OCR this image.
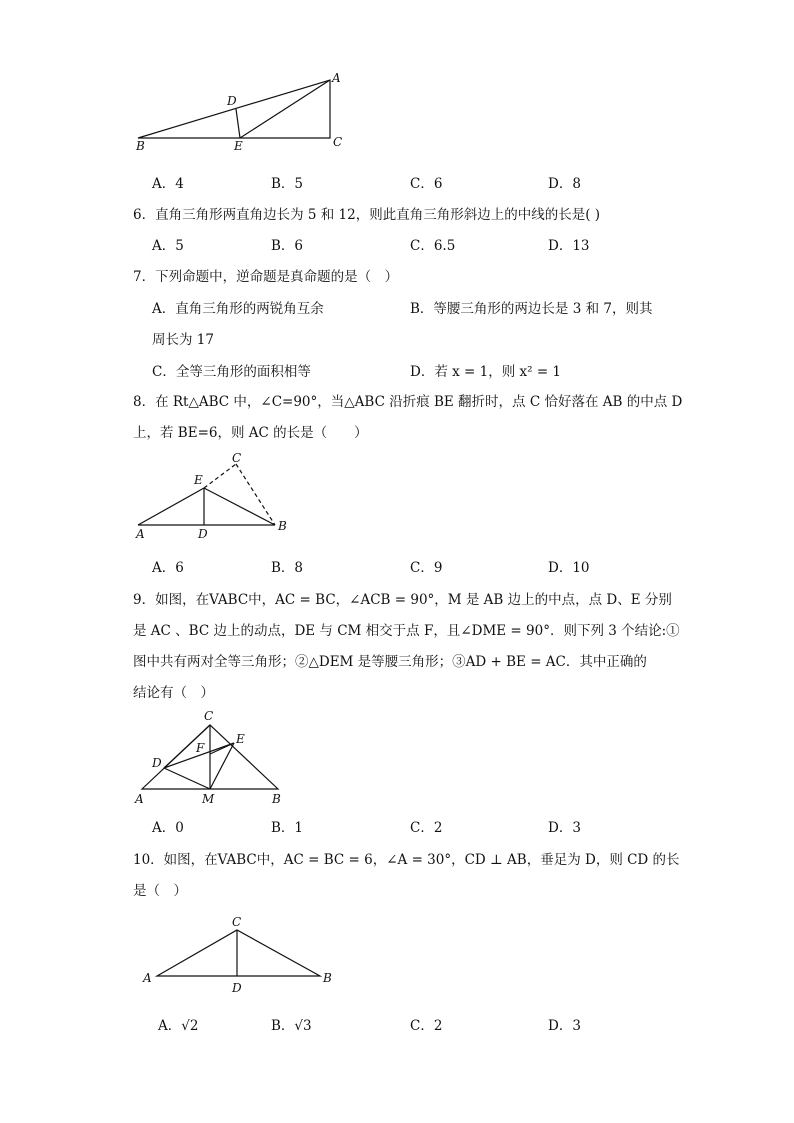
A
B	C
D
E
A．4	B．5	C．6	D．8
6．直角三角形两直角边长为 5 和 12，则此直角三角形斜边上的中线的长是( )
A．5	B．6	C．6.5	D．13
7．下列命题中，逆命题是真命题的是（　）
A．直角三角形的两锐角互余	B．等腰三角形的两边长是 3 和 7，则其
周长为 17
C．全等三角形的面积相等	D．若 x = 1，则 x² = 1
8．在 Rt△ABC 中，∠C=90°，当△ABC 沿折痕 BE 翻折时，点 C 恰好落在 AB 的中点 D
上，若 BE=6，则 AC 的长是（　　）
A
B
C
D
E
A．6	B．8	C．9	D．10
9．如图，在VABC中，AC = BC，∠ACB = 90°，M 是 AB 边上的中点，点 D、E 分别
是 AC 、BC 边上的动点，DE 与 CM 相交于点 F，且∠DME = 90°．则下列 3 个结论:①
图中共有两对全等三角形；②△DEM 是等腰三角形；③AD + BE = AC．其中正确的
结论有（　）
A	B
C
D
E
F
M
A．0	B．1	C．2	D．3
10．如图，在VABC中，AC = BC = 6，∠A = 30°，CD ⊥ AB，垂足为 D，则 CD 的长
是（　）
A	B
C
D
A．√2	B．√3	C．2	D．3
